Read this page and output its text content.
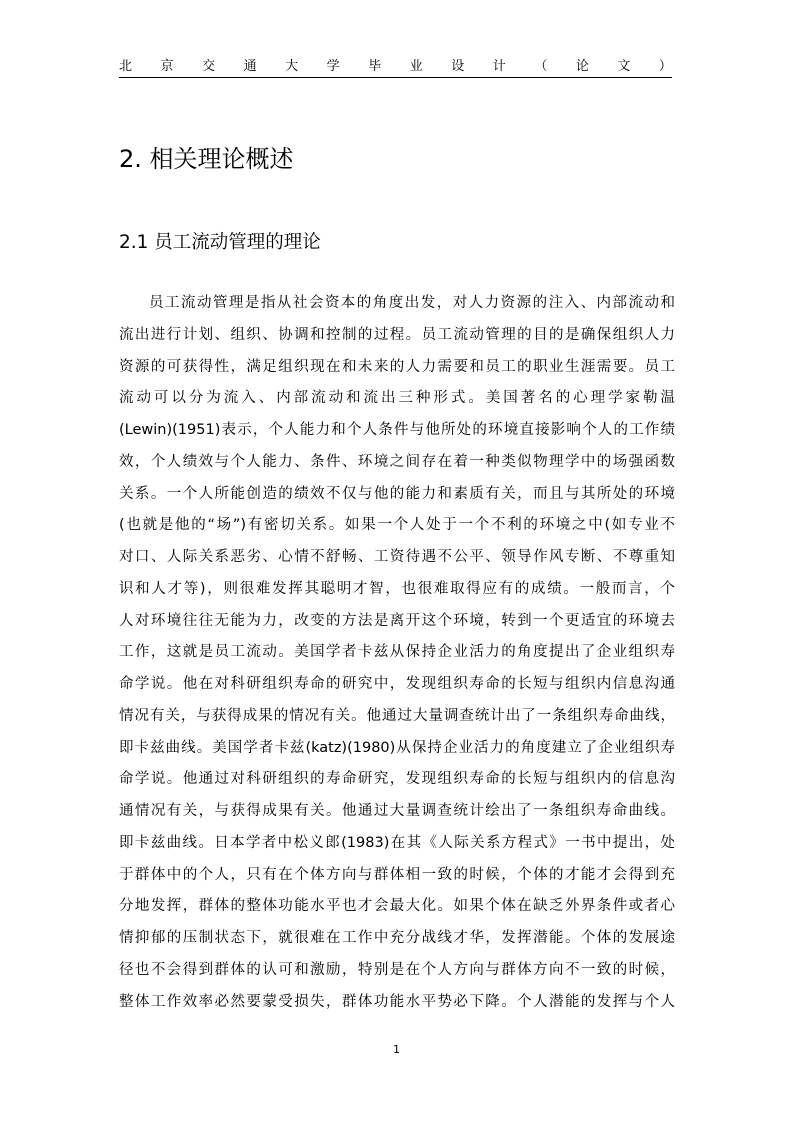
北 京 交 通 大 学 毕 业 设 计 （ 论 文 ）
2. 相关理论概述
2.1 员工流动管理的理论
员工流动管理是指从社会资本的角度出发，对人力资源的注入、内部流动和
流出进行计划、组织、协调和控制的过程。员工流动管理的目的是确保组织人力
资源的可获得性，满足组织现在和未来的人力需要和员工的职业生涯需要。员工
流动可以分为流入、内部流动和流出三种形式。美国著名的心理学家勒温
(Lewin)(1951)表示，个人能力和个人条件与他所处的环境直接影响个人的工作绩
效，个人绩效与个人能力、条件、环境之间存在着一种类似物理学中的场强函数
关系。一个人所能创造的绩效不仅与他的能力和素质有关，而且与其所处的环境
(也就是他的“场”)有密切关系。如果一个人处于一个不利的环境之中(如专业不
对口、人际关系恶劣、心情不舒畅、工资待遇不公平、领导作风专断、不尊重知
识和人才等)，则很难发挥其聪明才智，也很难取得应有的成绩。一般而言，个
人对环境往往无能为力，改变的方法是离开这个环境，转到一个更适宜的环境去
工作，这就是员工流动。美国学者卡兹从保持企业活力的角度提出了企业组织寿
命学说。他在对科研组织寿命的研究中，发现组织寿命的长短与组织内信息沟通
情况有关，与获得成果的情况有关。他通过大量调查统计出了一条组织寿命曲线，
即卡兹曲线。美国学者卡兹(katz)(1980)从保持企业活力的角度建立了企业组织寿
命学说。他通过对科研组织的寿命研究，发现组织寿命的长短与组织内的信息沟
通情况有关，与获得成果有关。他通过大量调查统计绘出了一条组织寿命曲线。
即卡兹曲线。日本学者中松义郎(1983)在其《人际关系方程式》一书中提出，处
于群体中的个人，只有在个体方向与群体相一致的时候，个体的才能才会得到充
分地发挥，群体的整体功能水平也才会最大化。如果个体在缺乏外界条件或者心
情抑郁的压制状态下，就很难在工作中充分战线才华，发挥潜能。个体的发展途
径也不会得到群体的认可和激励，特别是在个人方向与群体方向不一致的时候，
整体工作效率必然要蒙受损失，群体功能水平势必下降。个人潜能的发挥与个人
1
